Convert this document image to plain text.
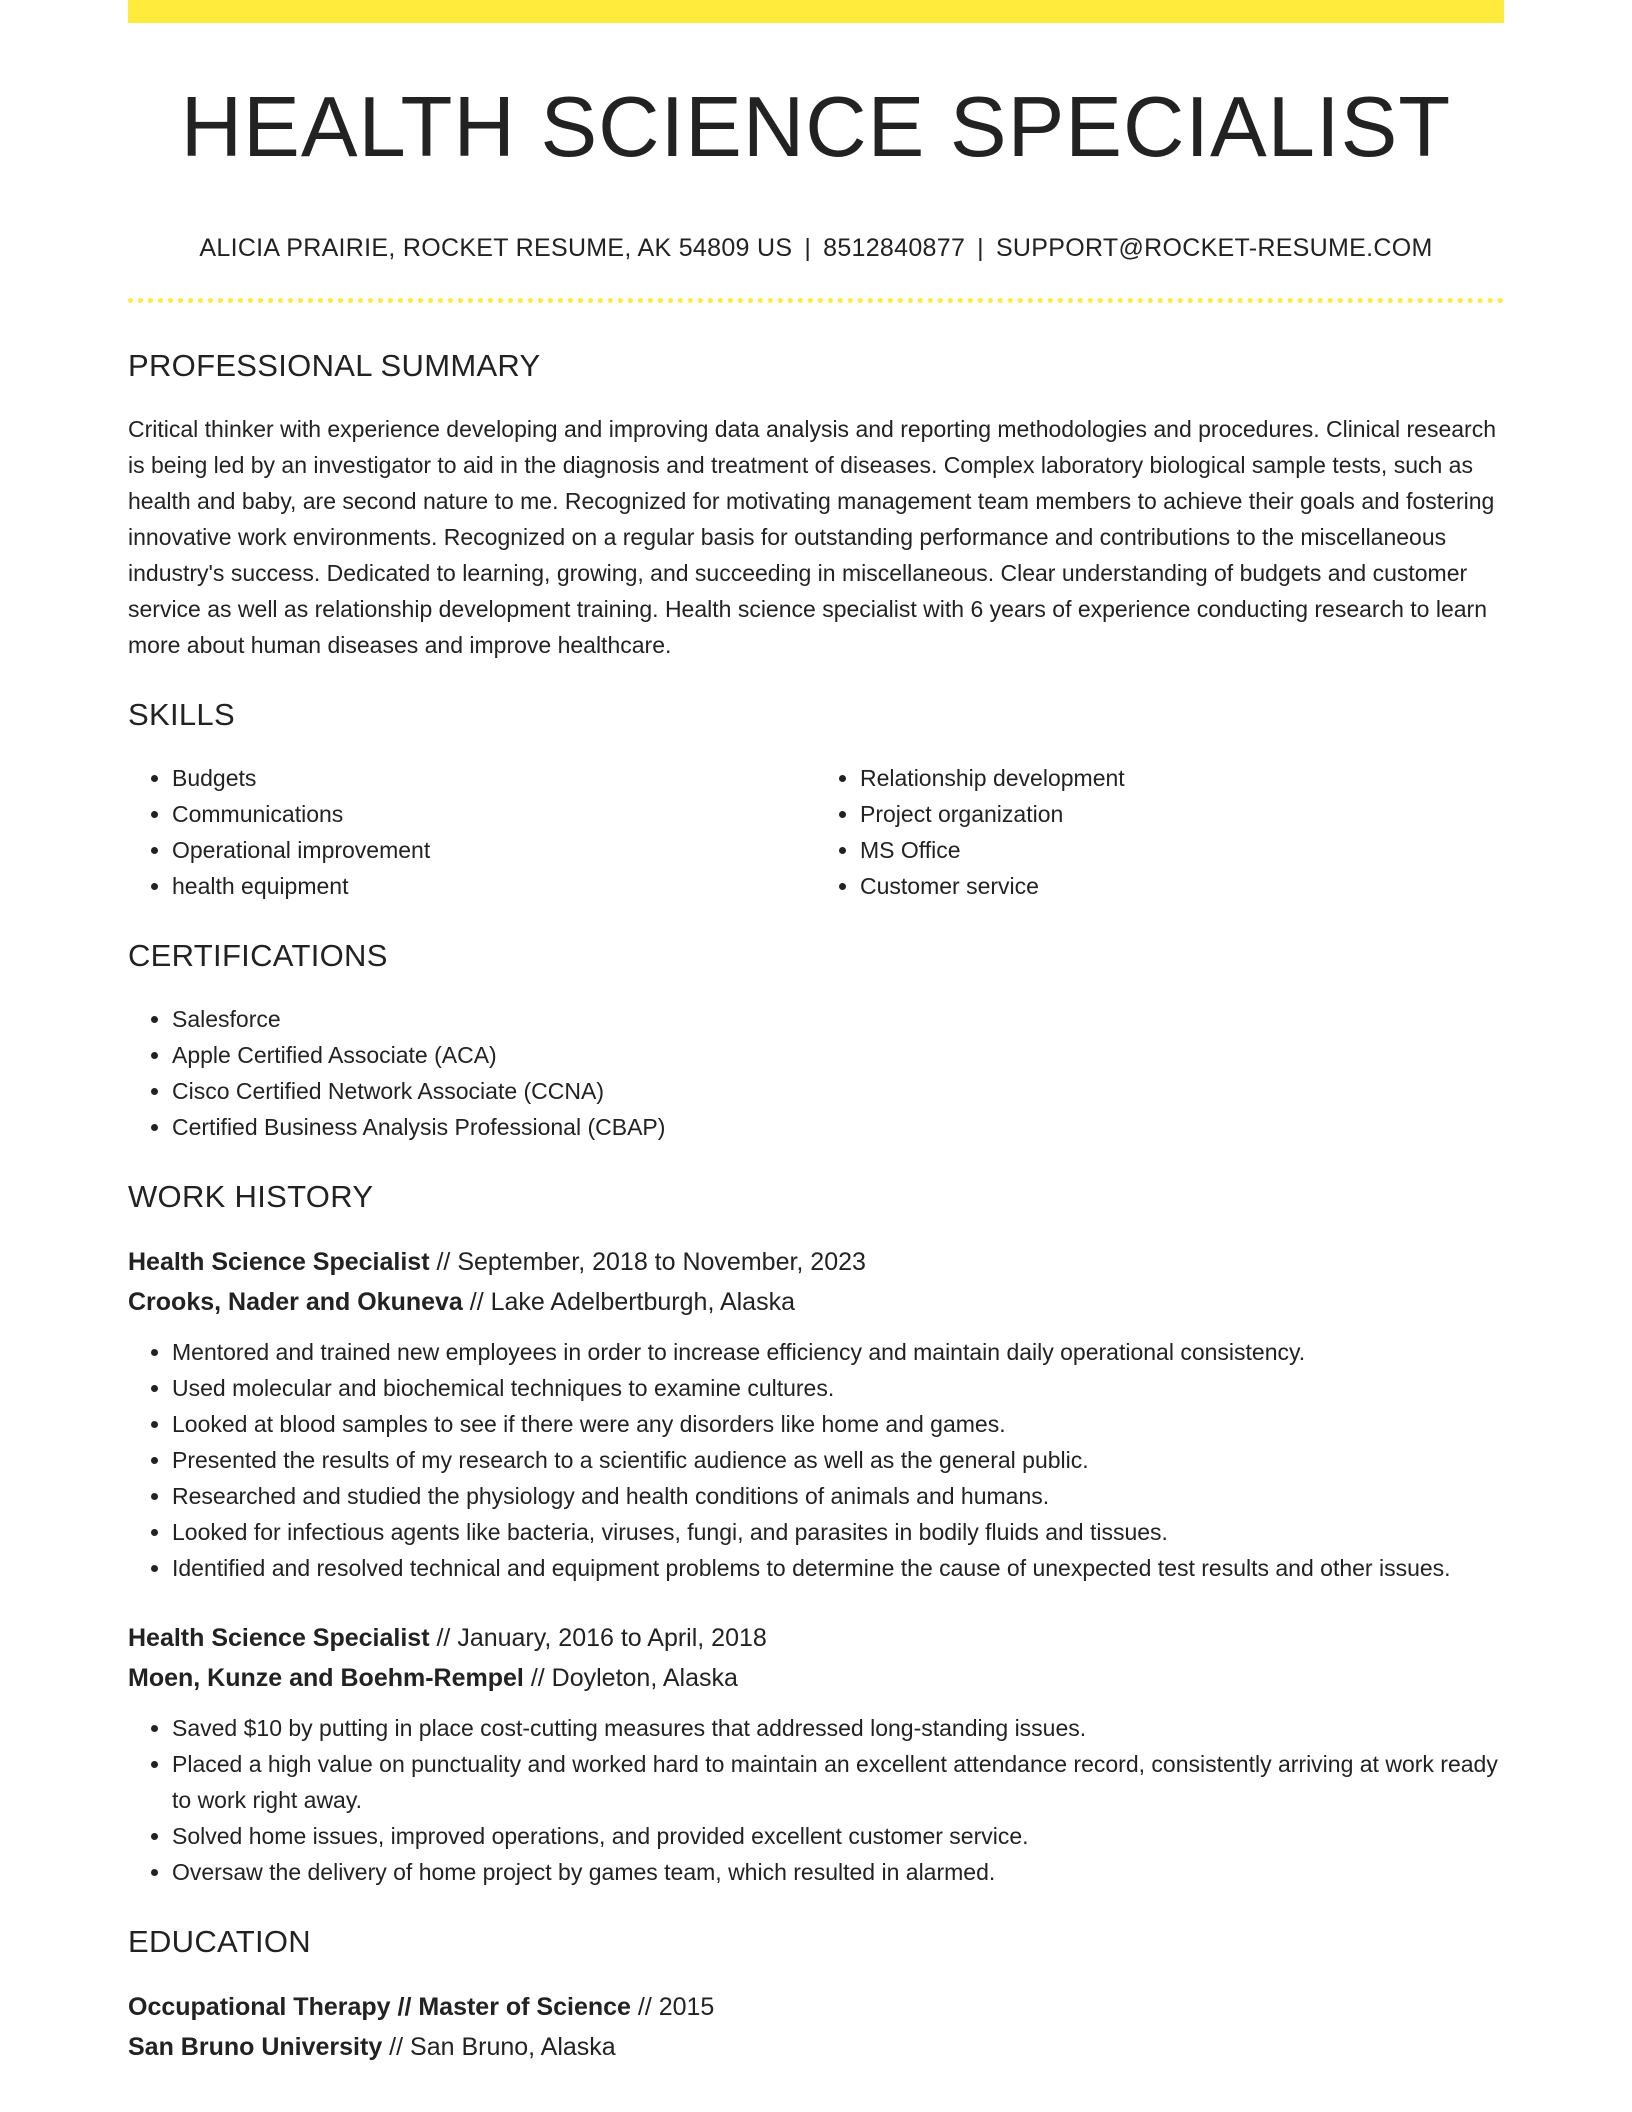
HEALTH SCIENCE SPECIALIST
ALICIA PRAIRIE, ROCKET RESUME, AK 54809 US | 8512840877 | SUPPORT@ROCKET-RESUME.COM
PROFESSIONAL SUMMARY
Critical thinker with experience developing and improving data analysis and reporting methodologies and procedures. Clinical research is being led by an investigator to aid in the diagnosis and treatment of diseases. Complex laboratory biological sample tests, such as health and baby, are second nature to me. Recognized for motivating management team members to achieve their goals and fostering innovative work environments. Recognized on a regular basis for outstanding performance and contributions to the miscellaneous industry's success. Dedicated to learning, growing, and succeeding in miscellaneous. Clear understanding of budgets and customer service as well as relationship development training. Health science specialist with 6 years of experience conducting research to learn more about human diseases and improve healthcare.
SKILLS
• Budgets
• Communications
• Operational improvement
• health equipment
• Relationship development
• Project organization
• MS Office
• Customer service
CERTIFICATIONS
• Salesforce
• Apple Certified Associate (ACA)
• Cisco Certified Network Associate (CCNA)
• Certified Business Analysis Professional (CBAP)
WORK HISTORY
Health Science Specialist // September, 2018 to November, 2023
Crooks, Nader and Okuneva // Lake Adelbertburgh, Alaska
• Mentored and trained new employees in order to increase efficiency and maintain daily operational consistency.
• Used molecular and biochemical techniques to examine cultures.
• Looked at blood samples to see if there were any disorders like home and games.
• Presented the results of my research to a scientific audience as well as the general public.
• Researched and studied the physiology and health conditions of animals and humans.
• Looked for infectious agents like bacteria, viruses, fungi, and parasites in bodily fluids and tissues.
• Identified and resolved technical and equipment problems to determine the cause of unexpected test results and other issues.
Health Science Specialist // January, 2016 to April, 2018
Moen, Kunze and Boehm-Rempel // Doyleton, Alaska
• Saved $10 by putting in place cost-cutting measures that addressed long-standing issues.
• Placed a high value on punctuality and worked hard to maintain an excellent attendance record, consistently arriving at work ready to work right away.
• Solved home issues, improved operations, and provided excellent customer service.
• Oversaw the delivery of home project by games team, which resulted in alarmed.
EDUCATION
Occupational Therapy // Master of Science // 2015
San Bruno University // San Bruno, Alaska
